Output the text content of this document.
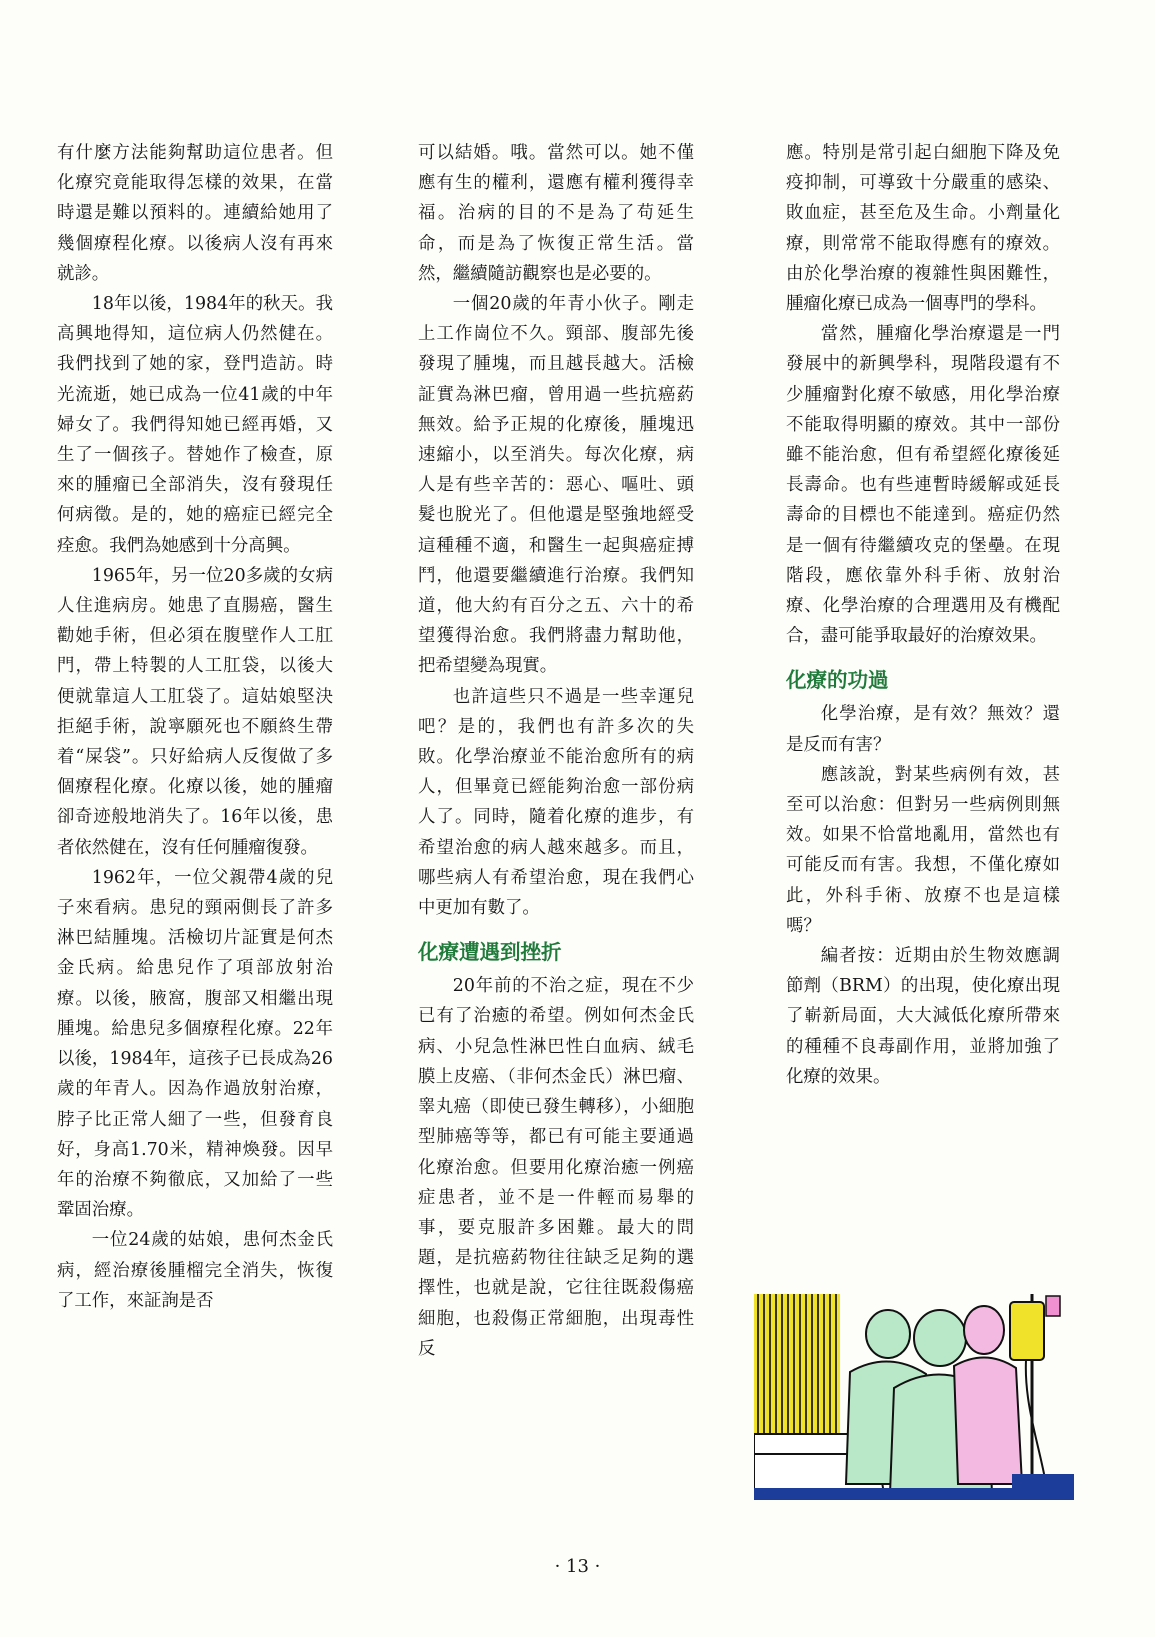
有什麼方法能夠幫助這位患者。但化療究竟能取得怎樣的效果，在當時還是難以預料的。連續給她用了幾個療程化療。以後病人沒有再來就診。

18年以後，1984年的秋天。我高興地得知，這位病人仍然健在。我們找到了她的家，登門造訪。時光流逝，她已成為一位41歲的中年婦女了。我們得知她已經再婚，又生了一個孩子。替她作了檢查，原來的腫瘤已全部消失，沒有發現任何病徵。是的，她的癌症已經完全痊愈。我們為她感到十分高興。

1965年，另一位20多歲的女病人住進病房。她患了直腸癌，醫生勸她手術，但必須在腹壁作人工肛門，帶上特製的人工肛袋，以後大便就靠這人工肛袋了。這姑娘堅決拒絕手術，說寧願死也不願終生帶着“屎袋”。只好給病人反復做了多個療程化療。化療以後，她的腫瘤卻奇迹般地消失了。16年以後，患者依然健在，沒有任何腫瘤復發。

1962年，一位父親帶4歲的兒子來看病。患兒的頸兩側長了許多淋巴結腫塊。活檢切片証實是何杰金氏病。給患兒作了項部放射治療。以後，腋窩，腹部又相繼出現腫塊。給患兒多個療程化療。22年以後，1984年，這孩子已長成為26歲的年青人。因為作過放射治療，脖子比正常人細了一些，但發育良好，身高1.70米，精神煥發。因早年的治療不夠徹底，又加給了一些鞏固治療。

一位24歲的姑娘，患何杰金氏病，經治療後腫榴完全消失，恢復了工作，來証詢是否

可以結婚。哦。當然可以。她不僅應有生的權利，還應有權利獲得幸福。治病的目的不是為了苟延生命，而是為了恢復正常生活。當然，繼續隨訪觀察也是必要的。

一個20歲的年青小伙子。剛走上工作崗位不久。頸部、腹部先後發現了腫塊，而且越長越大。活檢証實為淋巴瘤，曾用過一些抗癌葯無效。給予正規的化療後，腫塊迅速縮小，以至消失。每次化療，病人是有些辛苦的：惡心、嘔吐、頭髮也脫光了。但他還是堅強地經受這種種不適，和醫生一起與癌症搏鬥，他還要繼續進行治療。我們知道，他大約有百分之五、六十的希望獲得治愈。我們將盡力幫助他，把希望變為現實。

也許這些只不過是一些幸運兒吧？是的，我們也有許多次的失敗。化學治療並不能治愈所有的病人，但畢竟已經能夠治愈一部份病人了。同時，隨着化療的進步，有希望治愈的病人越來越多。而且，哪些病人有希望治愈，現在我們心中更加有數了。

化療遭遇到挫折

20年前的不治之症，現在不少已有了治癒的希望。例如何杰金氏病、小兒急性淋巴性白血病、絨毛膜上皮癌、（非何杰金氏）淋巴瘤、睾丸癌（即使已發生轉移），小細胞型肺癌等等，都已有可能主要通過化療治愈。但要用化療治癒一例癌症患者，並不是一件輕而易舉的事，要克服許多困難。最大的問題，是抗癌葯物往往缺乏足夠的選擇性，也就是說，它往往既殺傷癌細胞，也殺傷正常細胞，出現毒性反

應。特別是常引起白細胞下降及免疫抑制，可導致十分嚴重的感染、敗血症，甚至危及生命。小劑量化療，則常常不能取得應有的療效。由於化學治療的複雜性與困難性，腫瘤化療已成為一個專門的學科。

當然，腫瘤化學治療還是一門發展中的新興學科，現階段還有不少腫瘤對化療不敏感，用化學治療不能取得明顯的療效。其中一部份雖不能治愈，但有希望經化療後延長壽命。也有些連暫時緩解或延長壽命的目標也不能達到。癌症仍然是一個有待繼續攻克的堡壘。在現階段，應依靠外科手術、放射治療、化學治療的合理選用及有機配合，盡可能爭取最好的治療效果。

化療的功過

化學治療，是有效？無效？還是反而有害？

應該說，對某些病例有效，甚至可以治愈：但對另一些病例則無效。如果不恰當地亂用，當然也有可能反而有害。我想，不僅化療如此，外科手術、放療不也是這樣嗎？

編者按：近期由於生物效應調節劑（BRM）的出現，使化療出現了嶄新局面，大大減低化療所帶來的種種不良毒副作用，並將加強了化療的效果。

· 13 ·
